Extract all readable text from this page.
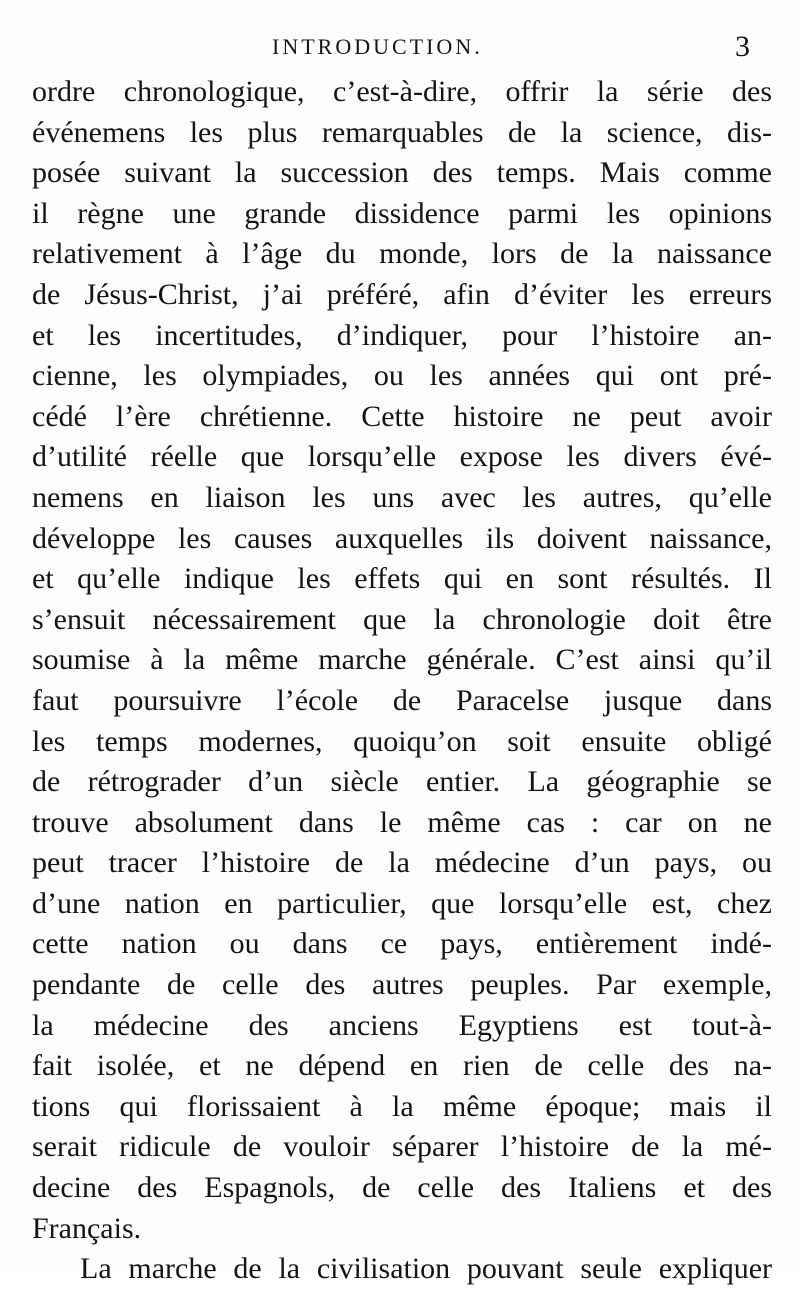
INTRODUCTION.	3
ordre chronologique, c’est-à-dire, offrir la série des
événemens les plus remarquables de la science, dis-
posée suivant la succession des temps. Mais comme
il règne une grande dissidence parmi les opinions
relativement à l’âge du monde, lors de la naissance
de Jésus-Christ, j’ai préféré, afin d’éviter les erreurs
et les incertitudes, d’indiquer, pour l’histoire an-
cienne, les olympiades, ou les années qui ont pré-
cédé l’ère chrétienne. Cette histoire ne peut avoir
d’utilité réelle que lorsqu’elle expose les divers évé-
nemens en liaison les uns avec les autres, qu’elle
développe les causes auxquelles ils doivent naissance,
et qu’elle indique les effets qui en sont résultés. Il
s’ensuit nécessairement que la chronologie doit être
soumise à la même marche générale. C’est ainsi qu’il
faut poursuivre l’école de Paracelse jusque dans
les temps modernes, quoiqu’on soit ensuite obligé
de rétrograder d’un siècle entier. La géographie se
trouve absolument dans le même cas : car on ne
peut tracer l’histoire de la médecine d’un pays, ou
d’une nation en particulier, que lorsqu’elle est, chez
cette nation ou dans ce pays, entièrement indé-
pendante de celle des autres peuples. Par exemple,
la médecine des anciens Egyptiens est tout-à-
fait isolée, et ne dépend en rien de celle des na-
tions qui florissaient à la même époque; mais il
serait ridicule de vouloir séparer l’histoire de la mé-
decine des Espagnols, de celle des Italiens et des
Français.
La marche de la civilisation pouvant seule expliquer
